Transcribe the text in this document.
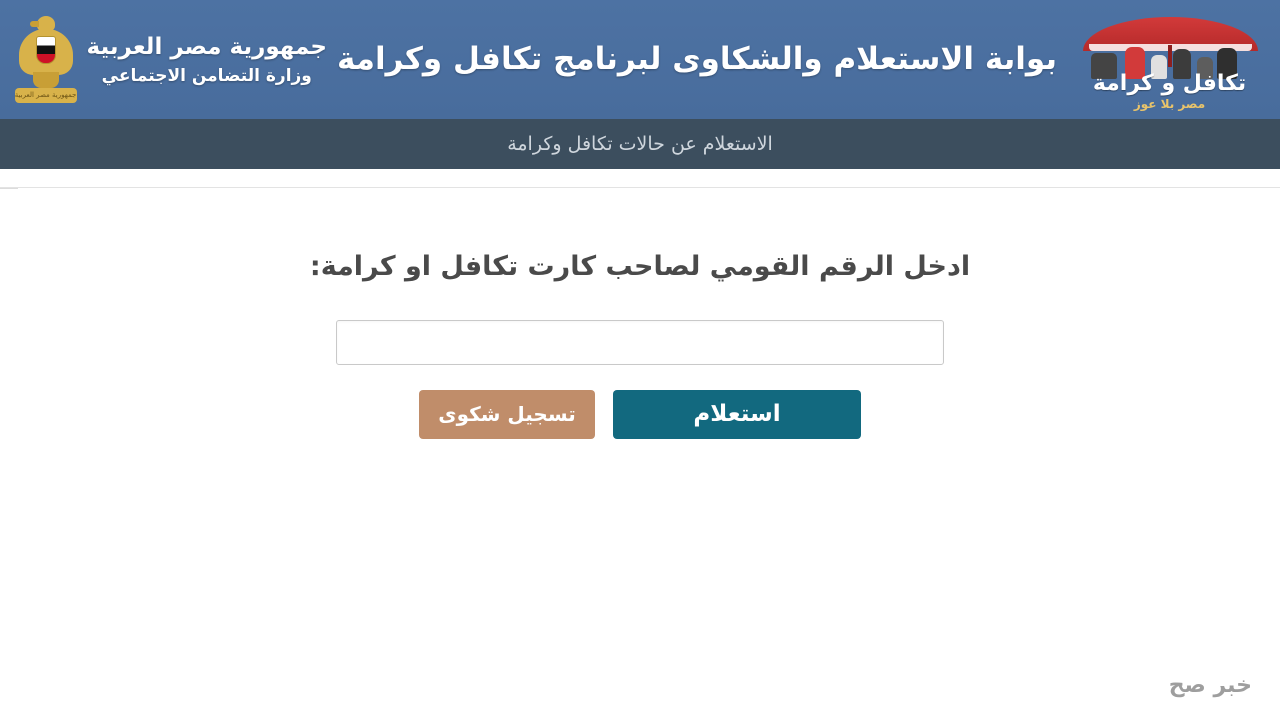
تكافل و كرامة
مصر بلا عوز
بوابة الاستعلام والشكاوى لبرنامج تكافل وكرامة
جمهورية مصر العربية
وزارة التضامن الاجتماعي
جمهورية مصر العربية
الاستعلام عن حالات تكافل وكرامة

ادخل الرقم القومي لصاحب كارت تكافل او كرامة:

استعلام
تسجيل شكوى
خبر صح
